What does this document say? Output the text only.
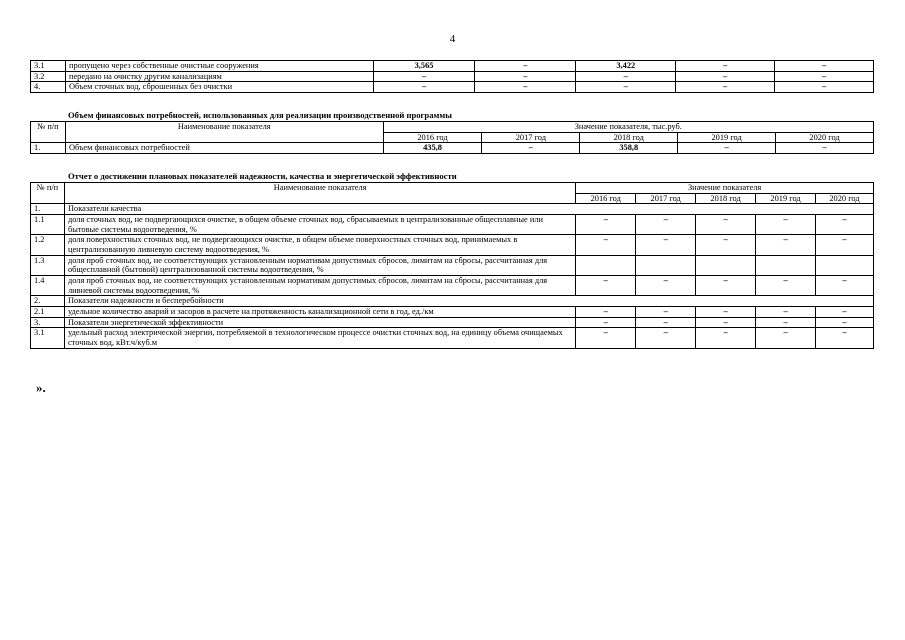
4
3.1	пропущено через собственные очистные сооружения	3,565	–	3,422	–	–
3.2	передано на очистку другим канализациям	–	–	–	–	–
4.	Объем сточных вод, сброшенных без очистки	–	–	–	–	–
Объем финансовых потребностей, использованных для реализации производственной программы
№ п/п	Наименование показателя	Значение показателя, тыс.руб.				
		2016 год	2017 год	2018 год	2019 год	2020 год
1.	Объем финансовых потребностей	435,8	–	358,8	–	–
Отчет о достижении плановых показателей надежности, качества и энергетической эффективности
№ п/п	Наименование показателя	Значение показателя				
		2016 год	2017 год	2018 год	2019 год	2020 год
1.	Показатели качества					
1.1	доля сточных вод, не подвергающихся очистке, в общем объеме сточных вод, сбрасываемых в централизованные общесплавные или бытовые системы водоотведения, %	–	–	–	–	–
1.2	доля поверхностных сточных вод, не подвергающихся очистке, в общем объеме поверхностных сточных вод, принимаемых в централизованную ливневую систему водоотведения, %	–	–	–	–	–
1.3	доля проб сточных вод, не соответствующих установленным нормативам допустимых сбросов, лимитам на сбросы, рассчитанная для общесплавной (бытовой) централизованной системы водоотведения, %					
1.4	доля проб сточных вод, не соответствующих установленным нормативам допустимых сбросов, лимитам на сбросы, рассчитанная для ливневой системы водоотведения, %	–	–	–	–	–
2.	Показатели надежности и бесперебойности					
2.1	удельное количество аварий и засоров в расчете на протяженность канализационной сети в год, ед./км	–	–	–	–	–
3.	Показатели энергетической эффективности	–	–	–	–	–
3.1	удельный расход электрической энергии, потребляемой в технологическом процессе очистки сточных вод, на единицу объема очищаемых сточных вод, кВт.ч/куб.м	–	–	–	–	–
».
